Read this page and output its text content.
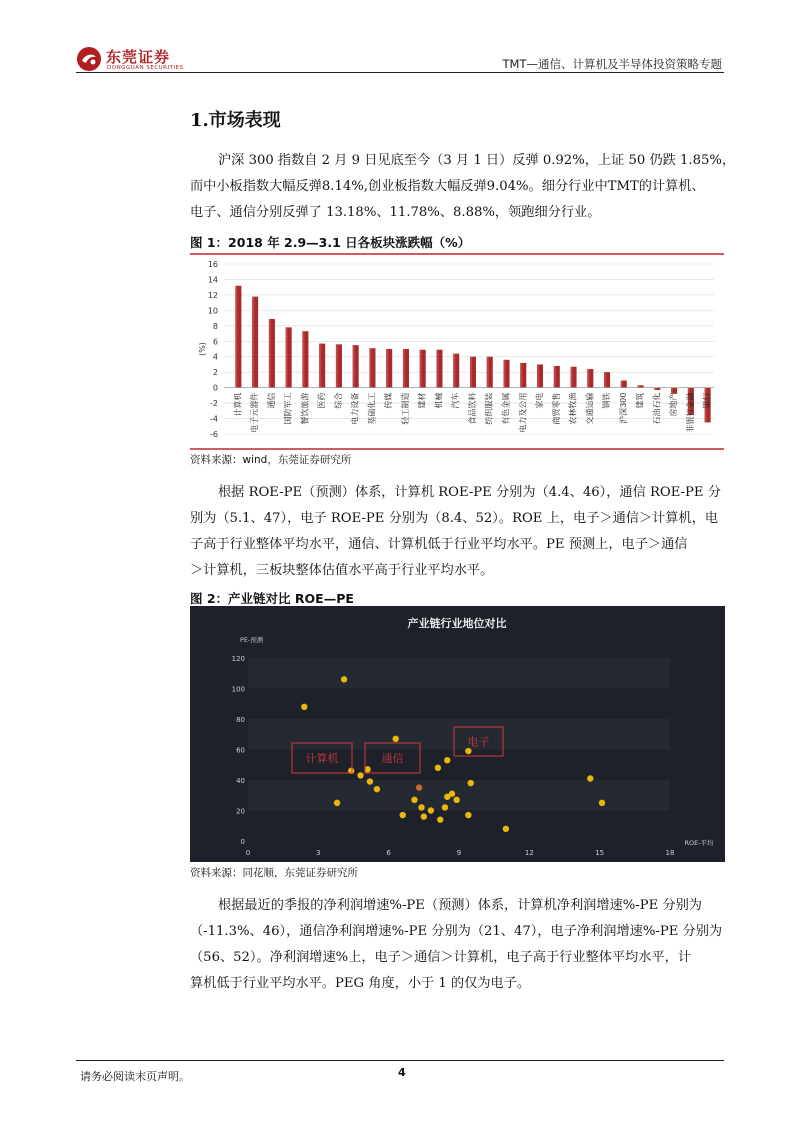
东莞证券
DONGGUAN SECURITIES	TMT—通信、计算机及半导体投资策略专题
1.市场表现
沪深 300 指数自 2 月 9 日见底至今（3 月 1 日）反弹 0.92%，上证 50 仍跌 1.85%，
而中小板指数大幅反弹8.14%,创业板指数大幅反弹9.04%。细分行业中TMT的计算机、
电子、通信分别反弹了 13.18%、11.78%、8.88%，领跑细分行业。
图 1：2018 年 2.9—3.1 日各板块涨跌幅（%）
-6
-4
-2
0
2
4
6
8
10
12
14
16
(%)
计算机 电子元器件 通信 国防军工 餐饮旅游 医药 综合 电力设备 基础化工 传媒 轻工制造 建材 机械 汽车 食品饮料 纺织服装 有色金属 电力及公用 家电 商贸零售 农林牧渔 交通运输 钢铁 沪深300 建筑 石油石化 房地产 非银行金融 银行
资料来源：wind，东莞证券研究所
根据 ROE-PE（预测）体系，计算机 ROE-PE 分别为（4.4、46），通信 ROE-PE 分
别为（5.1、47），电子 ROE-PE 分别为（8.4、52）。ROE 上，电子＞通信＞计算机，电
子高于行业整体平均水平，通信、计算机低于行业平均水平。PE 预测上，电子＞通信
＞计算机，三板块整体估值水平高于行业平均水平。
图 2：产业链对比 ROE—PE
产业链行业地位对比
PE-预测
0
20
40
60
80
100
120
0	3	6	9	12	15	18
ROE-平均
计算机	通信
电子
资料来源：同花顺，东莞证券研究所
根据最近的季报的净利润增速%-PE（预测）体系，计算机净利润增速%-PE 分别为
（-11.3%、46），通信净利润增速%-PE 分别为（21、47），电子净利润增速%-PE 分别为
（56、52）。净利润增速%上，电子＞通信＞计算机，电子高于行业整体平均水平，计
算机低于行业平均水平。PEG 角度，小于 1 的仅为电子。
请务必阅读末页声明。	4
